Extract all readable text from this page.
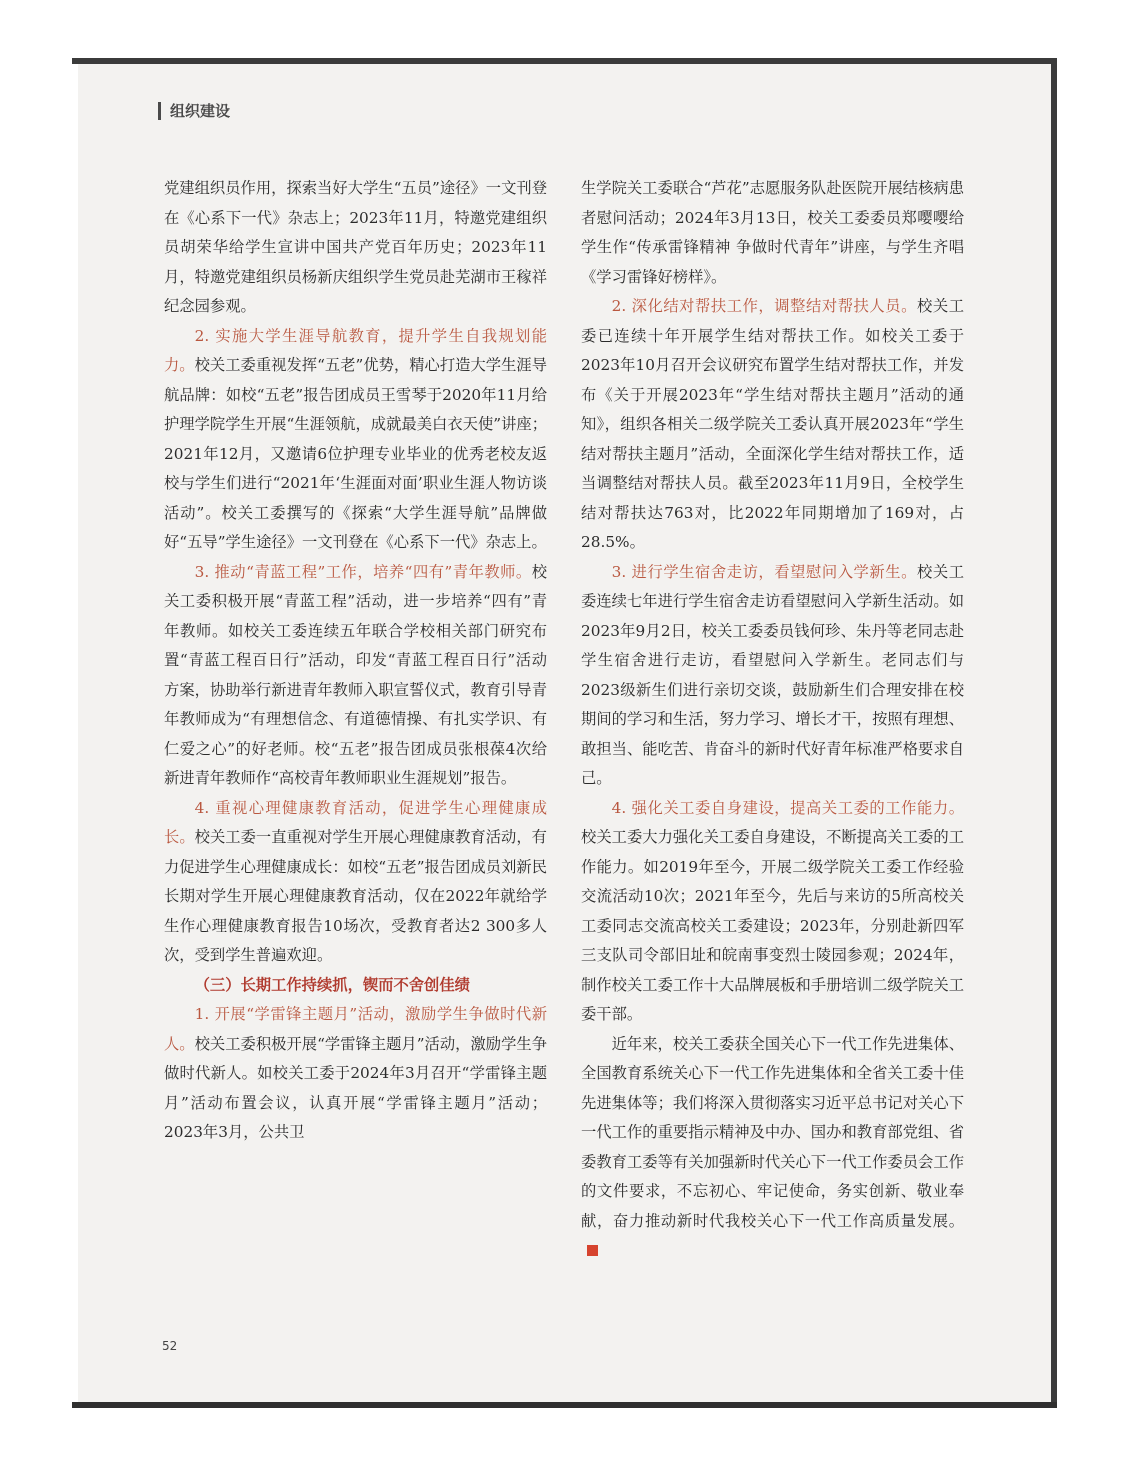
组织建设

党建组织员作用，探索当好大学生“五员”途径》一文刊登在《心系下一代》杂志上；2023年11月，特邀党建组织员胡荣华给学生宣讲中国共产党百年历史；2023年11月，特邀党建组织员杨新庆组织学生党员赴芜湖市王稼祥纪念园参观。

2. 实施大学生涯导航教育，提升学生自我规划能力。校关工委重视发挥“五老”优势，精心打造大学生涯导航品牌：如校“五老”报告团成员王雪琴于2020年11月给护理学院学生开展“生涯领航，成就最美白衣天使”讲座；2021年12月，又邀请6位护理专业毕业的优秀老校友返校与学生们进行“2021年‘生涯面对面’职业生涯人物访谈活动”。校关工委撰写的《探索“大学生涯导航”品牌做好“五导”学生途径》一文刊登在《心系下一代》杂志上。

3. 推动“青蓝工程”工作，培养“四有”青年教师。校关工委积极开展“青蓝工程”活动，进一步培养“四有”青年教师。如校关工委连续五年联合学校相关部门研究布置“青蓝工程百日行”活动，印发“青蓝工程百日行”活动方案，协助举行新进青年教师入职宣誓仪式，教育引导青年教师成为“有理想信念、有道德情操、有扎实学识、有仁爱之心”的好老师。校“五老”报告团成员张根葆4次给新进青年教师作“高校青年教师职业生涯规划”报告。

4. 重视心理健康教育活动，促进学生心理健康成长。校关工委一直重视对学生开展心理健康教育活动，有力促进学生心理健康成长：如校“五老”报告团成员刘新民长期对学生开展心理健康教育活动，仅在2022年就给学生作心理健康教育报告10场次，受教育者达2 300多人次，受到学生普遍欢迎。

（三）长期工作持续抓，锲而不舍创佳绩

1. 开展“学雷锋主题月”活动，激励学生争做时代新人。校关工委积极开展“学雷锋主题月”活动，激励学生争做时代新人。如校关工委于2024年3月召开“学雷锋主题月”活动布置会议，认真开展“学雷锋主题月”活动；2023年3月，公共卫

生学院关工委联合“芦花”志愿服务队赴医院开展结核病患者慰问活动；2024年3月13日，校关工委委员郑嘤嘤给学生作“传承雷锋精神 争做时代青年”讲座，与学生齐唱《学习雷锋好榜样》。

2. 深化结对帮扶工作，调整结对帮扶人员。校关工委已连续十年开展学生结对帮扶工作。如校关工委于2023年10月召开会议研究布置学生结对帮扶工作，并发布《关于开展2023年“学生结对帮扶主题月”活动的通知》，组织各相关二级学院关工委认真开展2023年“学生结对帮扶主题月”活动，全面深化学生结对帮扶工作，适当调整结对帮扶人员。截至2023年11月9日，全校学生结对帮扶达763对，比2022年同期增加了169对，占28.5%。

3. 进行学生宿舍走访，看望慰问入学新生。校关工委连续七年进行学生宿舍走访看望慰问入学新生活动。如2023年9月2日，校关工委委员钱何珍、朱丹等老同志赴学生宿舍进行走访，看望慰问入学新生。老同志们与2023级新生们进行亲切交谈，鼓励新生们合理安排在校期间的学习和生活，努力学习、增长才干，按照有理想、敢担当、能吃苦、肯奋斗的新时代好青年标准严格要求自己。

4. 强化关工委自身建设，提高关工委的工作能力。校关工委大力强化关工委自身建设，不断提高关工委的工作能力。如2019年至今，开展二级学院关工委工作经验交流活动10次；2021年至今，先后与来访的5所高校关工委同志交流高校关工委建设；2023年，分别赴新四军三支队司令部旧址和皖南事变烈士陵园参观；2024年，制作校关工委工作十大品牌展板和手册培训二级学院关工委干部。

近年来，校关工委获全国关心下一代工作先进集体、全国教育系统关心下一代工作先进集体和全省关工委十佳先进集体等；我们将深入贯彻落实习近平总书记对关心下一代工作的重要指示精神及中办、国办和教育部党组、省委教育工委等有关加强新时代关心下一代工作委员会工作的文件要求，不忘初心、牢记使命，务实创新、敬业奉献，奋力推动新时代我校关心下一代工作高质量发展。

52
